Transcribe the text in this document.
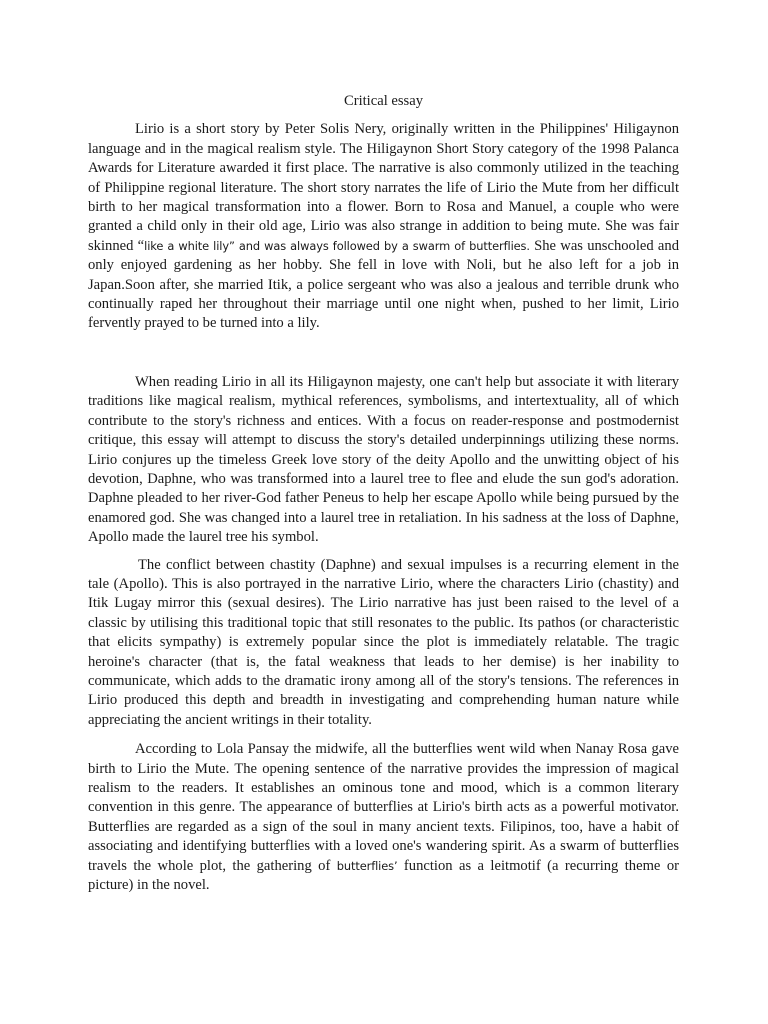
Critical essay

Lirio is a short story by Peter Solis Nery, originally written in the Philippines' Hiligaynon language and in the magical realism style. The Hiligaynon Short Story category of the 1998 Palanca Awards for Literature awarded it first place. The narrative is also commonly utilized in the teaching of Philippine regional literature. The short story narrates the life of Lirio the Mute from her difficult birth to her magical transformation into a flower. Born to Rosa and Manuel, a couple who were granted a child only in their old age, Lirio was also strange in addition to being mute. She was fair skinned “like a white lily” and was always followed by a swarm of butterflies. She was unschooled and only enjoyed gardening as her hobby. She fell in love with Noli, but he also left for a job in Japan.Soon after, she married Itik, a police sergeant who was also a jealous and terrible drunk who continually raped her throughout their marriage until one night when, pushed to her limit, Lirio fervently prayed to be turned into a lily.

When reading Lirio in all its Hiligaynon majesty, one can't help but associate it with literary traditions like magical realism, mythical references, symbolisms, and intertextuality, all of which contribute to the story's richness and entices. With a focus on reader-response and postmodernist critique, this essay will attempt to discuss the story's detailed underpinnings utilizing these norms. Lirio conjures up the timeless Greek love story of the deity Apollo and the unwitting object of his devotion, Daphne, who was transformed into a laurel tree to flee and elude the sun god's adoration. Daphne pleaded to her river-God father Peneus to help her escape Apollo while being pursued by the enamored god. She was changed into a laurel tree in retaliation. In his sadness at the loss of Daphne, Apollo made the laurel tree his symbol.

The conflict between chastity (Daphne) and sexual impulses is a recurring element in the tale (Apollo). This is also portrayed in the narrative Lirio, where the characters Lirio (chastity) and Itik Lugay mirror this (sexual desires). The Lirio narrative has just been raised to the level of a classic by utilising this traditional topic that still resonates to the public. Its pathos (or characteristic that elicits sympathy) is extremely popular since the plot is immediately relatable. The tragic heroine's character (that is, the fatal weakness that leads to her demise) is her inability to communicate, which adds to the dramatic irony among all of the story's tensions. The references in Lirio produced this depth and breadth in investigating and comprehending human nature while appreciating the ancient writings in their totality.

According to Lola Pansay the midwife, all the butterflies went wild when Nanay Rosa gave birth to Lirio the Mute. The opening sentence of the narrative provides the impression of magical realism to the readers. It establishes an ominous tone and mood, which is a common literary convention in this genre. The appearance of butterflies at Lirio's birth acts as a powerful motivator. Butterflies are regarded as a sign of the soul in many ancient texts. Filipinos, too, have a habit of associating and identifying butterflies with a loved one's wandering spirit. As a swarm of butterflies travels the whole plot, the gathering of butterflies’ function as a leitmotif (a recurring theme or picture) in the novel.
